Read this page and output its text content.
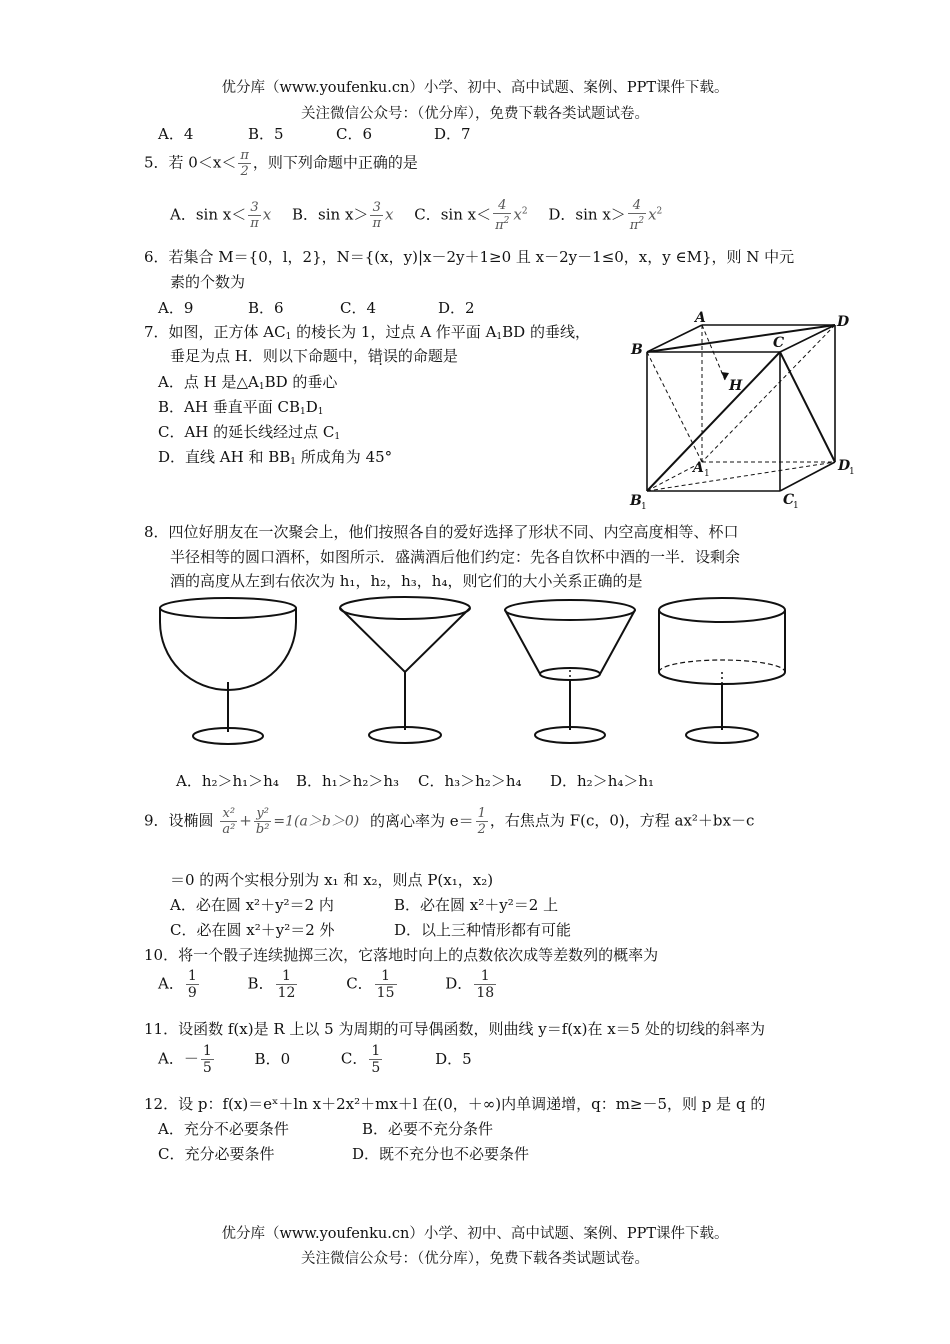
优分库（www.youfenku.cn）小学、初中、高中试题、案例、PPT课件下载。
关注微信公众号：（优分库），免费下载各类试题试卷。
A．4	B．5	C．6	D．7
5．若 $0<x< \frac{\pi}{2}$ ，则下列命题中正确的是
A．$\sin x< \frac{3}{\pi}$ x B．$\sin x> \frac{3}{\pi}$ x C．$\sin x< \frac{4}{\pi^2} x^2$ D．$\sin x> \frac{4}{\pi^2} x^2$
6．若集合 M＝{0，l，2}，N＝{(x，y)|x－2y＋1≥0 且 x－2y－1≤0，x，y ∈M}，则 N 中元
素的个数为
A．9	B．6	C．4	D．2
7．如图，正方体 $AC_1$ 的棱长为 1，过点 A 作平面 $A_1BD$ 的垂线，
垂足为点 H．则以下命题中，错误的命题是
A．点 H 是$\triangle A_1BD$ 的垂心
B．AH 垂直平面 $CB_1D_1$
C．AH 的延长线经过点 $C_1$
D．直线 AH 和 $BB_1$ 所成角为 45°
A
B	C
D
H
A
B	C
D
1
1	1
1
8．四位好朋友在一次聚会上，他们按照各自的爱好选择了形状不同、内空高度相等、杯口
半径相等的圆口酒杯，如图所示．盛满酒后他们约定：先各自饮杯中酒的一半．设剩余
酒的高度从左到右依次为 h₁，h₂，h₃，h₄，则它们的大小关系正确的是
A．h₂＞h₁＞h₄ B．h₁＞h₂＞h₃ C．h₃＞h₂＞h₄ D．h₂＞h₄＞h₁
9．设椭圆 $\frac{\text{x²}}{\text{a²}} + \frac{\text{y²}}{\text{b²}} =1(a>b>0)$ 的离心率为 $e= \frac{1}{2}$ ，右焦点为 F(c，0)，方程 ax²＋bx－c
＝0 的两个实根分别为 x₁ 和 x₂，则点 P(x₁，x₂)
A．必在圆 x²＋y²＝2 内	B．必在圆 x²＋y²＝2 上
C．必在圆 x²＋y²＝2 外	D．以上三种情形都有可能
10．将一个骰子连续抛掷三次，它落地时向上的点数依次成等差数列的概率为
A． $\frac{1}{9}$	B． $\frac{1}{12}$	C． $\frac{1}{15}$	D． $\frac{1}{18}$
11．设函数 f(x)是 R 上以 5 为周期的可导偶函数，则曲线 y＝f(x)在 x＝5 处的切线的斜率为
A．－ $\frac{1}{5}$	B．0	C． $\frac{1}{5}$	D．5
12．设 p：f(x)＝eˣ＋ln x＋2x²＋mx＋l 在(0，＋∞)内单调递增，q：m≥－5，则 p 是 q 的
A．充分不必要条件	B．必要不充分条件
C．充分必要条件	D．既不充分也不必要条件
优分库（www.youfenku.cn）小学、初中、高中试题、案例、PPT课件下载。
关注微信公众号：（优分库），免费下载各类试题试卷。
